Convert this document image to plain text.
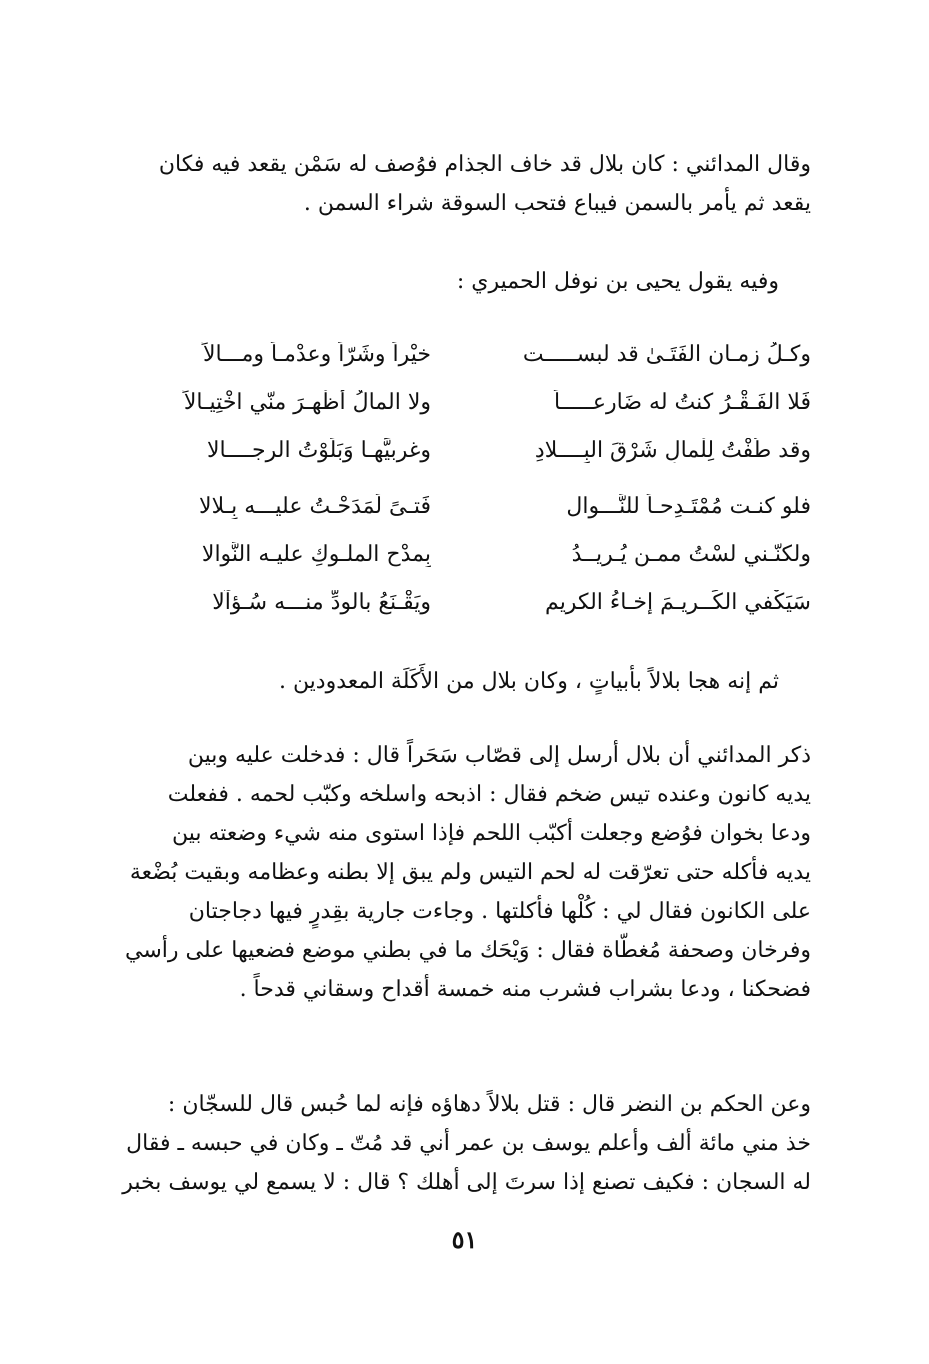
وقال المدائني : كان بلال قد خاف الجذام فوُصف له سَمْن يقعد فيه فكان
يقعد ثم يأمر بالسمن فيباع فتحب السوقة شراء السمن .
وفيه يقول يحيى بن نوفل الحميري :
وكـلُ زمـان الفَتَـىٰ قد لبســـــت
خيْراً وشَرّاً وعدْمـاً ومـــالاً
فَلا الفَـقْـرُ كنتُ له ضَارعـــــاً
ولا المالُ أَظْهـرَ منّي اخْتِيـالاً
وقد طُفْتُ لِلْمالِ شَرْقَ البِــــلادِ
وغربيَّهـا وَبَلَوْتُ الرجــــالا
فلو كنـت مُمْتَـدِحـاً للنَّـــوال
فَتـىً لَمَدَحْـتُ عليـــه بِـلالا
ولكنّـني لسْتُ ممـن يُـريــدُ
بِمدْح الملـوكِ عليـه النَّوالا
سَيَكْفي الكَــريـمَ إِخـاءُ الكريم
ويَقْـنَعُ بالوِدِّ منـــه سُـؤآلا
ثم إنه هجا بلالاً بأبياتٍ ، وكان بلال من الأَكَلَة المعدودين .
ذكر المدائني أن بلال أرسل إلى قصّاب سَحَراً قال : فدخلت عليه وبين
يديه كانون وعنده تيس ضخم فقال : اذبحه واسلخه وكبّب لحمه . ففعلت
ودعا بخوان فوُضع وجعلت أكبّب اللحم فإذا استوى منه شيء وضعته بين
يديه فأكله حتى تعرّقت له لحم التيس ولم يبق إلا بطنه وعظامه وبقيت بُضْعة
على الكانون فقال لي : كُلْها فأكلتها . وجاءت جارية بقِدرٍ فيها دجاجتان
وفرخان وصحفة مُغطّاة فقال : وَيْحَك ما في بطني موضع فضعيها على رأسي
فضحكنا ، ودعا بشراب فشرب منه خمسة أقداح وسقاني قدحاً .
وعن الحكم بن النضر قال : قتل بلالاً دهاؤه فإنه لما حُبس قال للسجّان :
خذ مني مائة ألف وأعلم يوسف بن عمر أني قد مُتّ ـ وكان في حبسه ـ فقال
له السجان : فكيف تصنع إذا سرتَ إلى أهلك ؟ قال : لا يسمع لي يوسف بخبر
٥١
